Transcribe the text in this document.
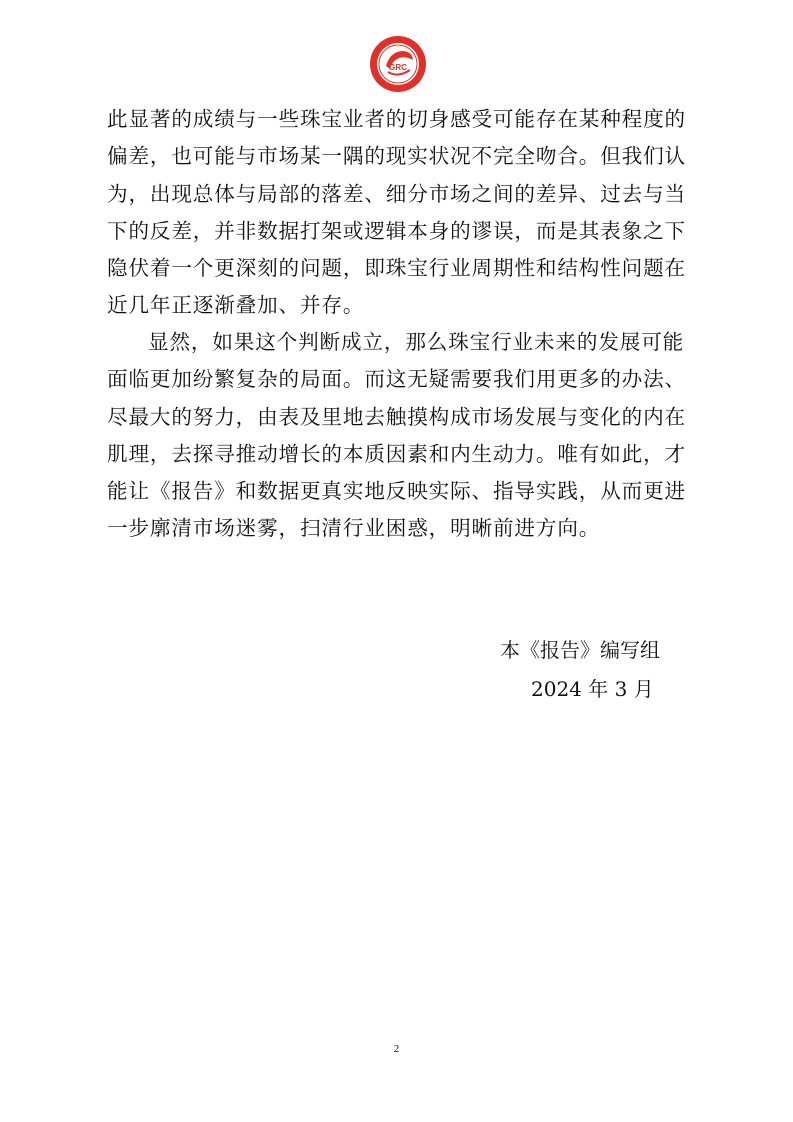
GRC
此显著的成绩与一些珠宝业者的切身感受可能存在某种程度的
偏差，也可能与市场某一隅的现实状况不完全吻合。但我们认
为，出现总体与局部的落差、细分市场之间的差异、过去与当
下的反差，并非数据打架或逻辑本身的谬误，而是其表象之下
隐伏着一个更深刻的问题，即珠宝行业周期性和结构性问题在
近几年正逐渐叠加、并存。
显然，如果这个判断成立，那么珠宝行业未来的发展可能
面临更加纷繁复杂的局面。而这无疑需要我们用更多的办法、
尽最大的努力，由表及里地去触摸构成市场发展与变化的内在
肌理，去探寻推动增长的本质因素和内生动力。唯有如此，才
能让《报告》和数据更真实地反映实际、指导实践，从而更进
一步廓清市场迷雾，扫清行业困惑，明晰前进方向。
本《报告》编写组
2024 年 3 月
2
